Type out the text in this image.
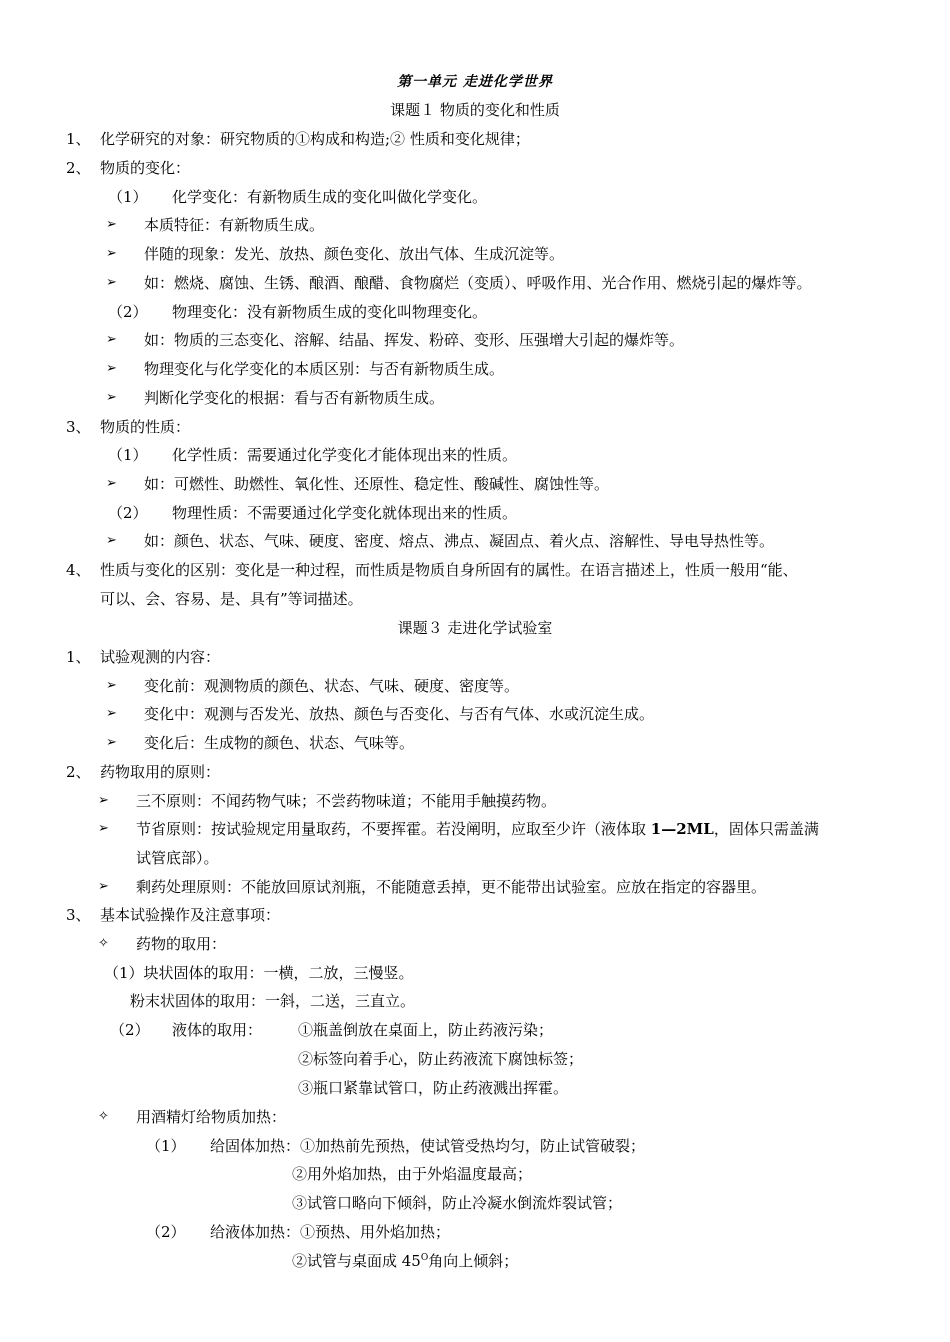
第一单元 走进化学世界
课题１ 物质的变化和性质
1、 化学研究的对象：研究物质的①构成和构造;② 性质和变化规律；
2、 物质的变化：
（1） 化学变化：有新物质生成的变化叫做化学变化。
➢ 本质特征：有新物质生成。
➢ 伴随的现象：发光、放热、颜色变化、放出气体、生成沉淀等。
➢ 如：燃烧、腐蚀、生锈、酿酒、酿醋、食物腐烂（变质）、呼吸作用、光合作用、燃烧引起的爆炸等。
（2） 物理变化：没有新物质生成的变化叫物理变化。
➢ 如：物质的三态变化、溶解、结晶、挥发、粉碎、变形、压强增大引起的爆炸等。
➢ 物理变化与化学变化的本质区别：与否有新物质生成。
➢ 判断化学变化的根据：看与否有新物质生成。
3、 物质的性质：
（1） 化学性质：需要通过化学变化才能体现出来的性质。
➢ 如：可燃性、助燃性、氧化性、还原性、稳定性、酸碱性、腐蚀性等。
（2） 物理性质：不需要通过化学变化就体现出来的性质。
➢ 如：颜色、状态、气味、硬度、密度、熔点、沸点、凝固点、着火点、溶解性、导电导热性等。
4、 性质与变化的区别：变化是一种过程，而性质是物质自身所固有的属性。在语言描述上，性质一般用“能、
可以、会、容易、是、具有”等词描述。
课题３ 走进化学试验室
1、 试验观测的内容：
➢ 变化前：观测物质的颜色、状态、气味、硬度、密度等。
➢ 变化中：观测与否发光、放热、颜色与否变化、与否有气体、水或沉淀生成。
➢ 变化后：生成物的颜色、状态、气味等。
2、 药物取用的原则：
➢ 三不原则：不闻药物气味；不尝药物味道；不能用手触摸药物。
➢ 节省原则：按试验规定用量取药，不要挥霍。若没阐明，应取至少许（液体取 1—2ML，固体只需盖满
试管底部）。
➢ 剩药处理原则：不能放回原试剂瓶，不能随意丢掉，更不能带出试验室。应放在指定的容器里。
3、 基本试验操作及注意事项：
✧ 药物的取用：
（1）块状固体的取用：一横，二放，三慢竖。
粉末状固体的取用：一斜，二送，三直立。
（2） 液体的取用： ①瓶盖倒放在桌面上，防止药液污染；
②标签向着手心，防止药液流下腐蚀标签；
③瓶口紧靠试管口，防止药液溅出挥霍。
✧ 用酒精灯给物质加热：
（1） 给固体加热：①加热前先预热，使试管受热均匀，防止试管破裂；
②用外焰加热，由于外焰温度最高；
③试管口略向下倾斜，防止冷凝水倒流炸裂试管；
（2） 给液体加热：①预热、用外焰加热；
②试管与桌面成 $45^O$角向上倾斜；
